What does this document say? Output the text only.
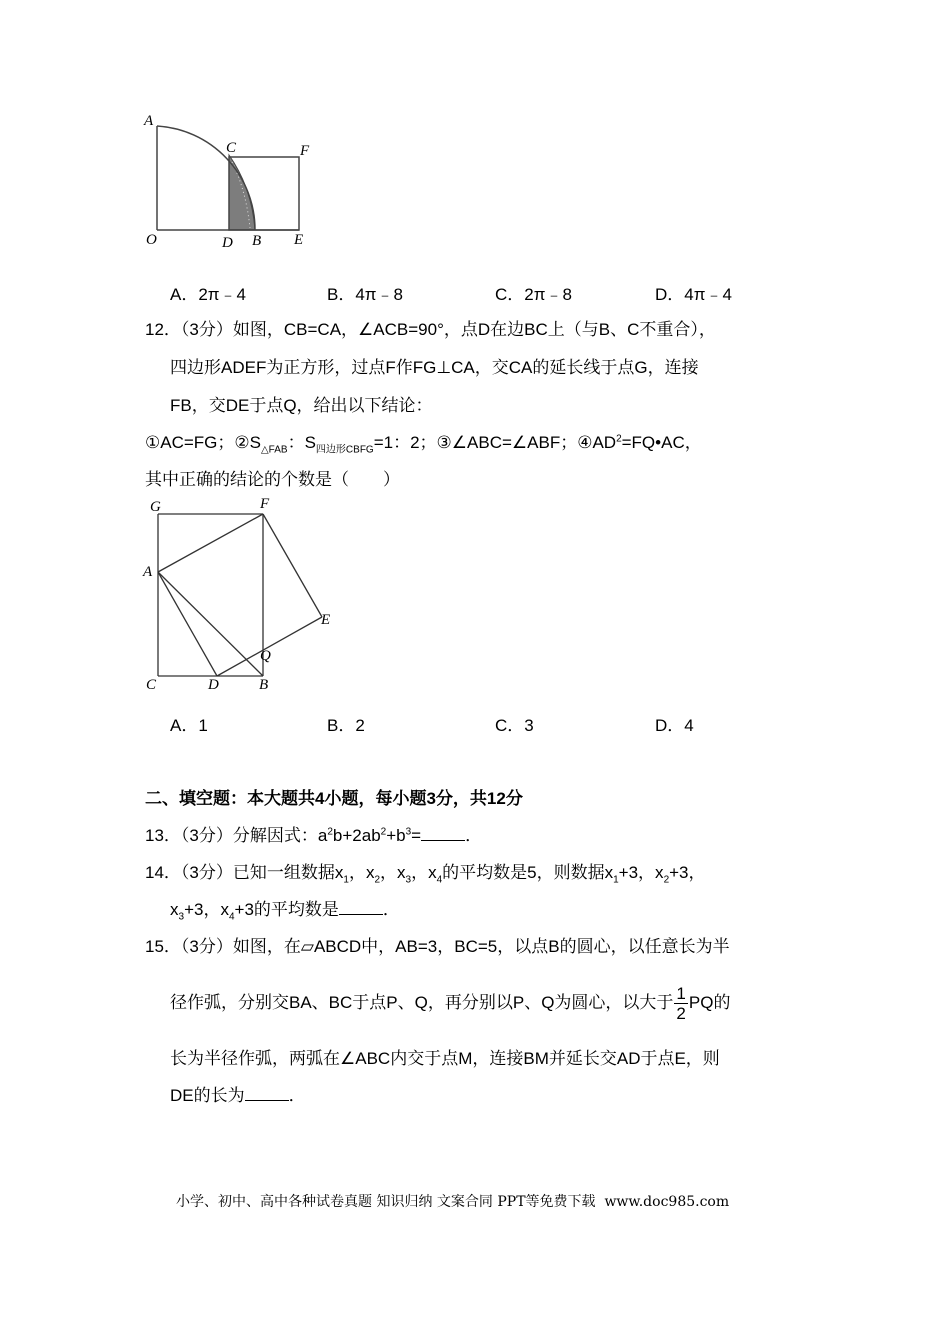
A
C	F
O	D B E
A．2π﹣4	B．4π﹣8	C．2π﹣8	D．4π﹣4
12．（3分）如图，CB=CA，∠ACB=90°，点D在边BC上（与B、C不重合），
四边形ADEF为正方形，过点F作FG⊥CA，交CA的延长线于点G，连接
FB，交DE于点Q，给出以下结论：
①AC=FG；$②S_{\triangle FAB}$：$S_{四边形CBFG}=1$：2；③∠ABC=∠ABF；$④AD^2=FQ•AC$，
其中正确的结论的个数是（　　）
G	F
A
E
Q
C	D	B
A．1	B．2	C．3	D．4
二、填空题：本大题共4小题，每小题3分，共12分
13．（3分）分解因式：$a^2b+2ab^2+b^3=$	．
14．（3分）已知一组数据$x_1$，$x_2$，$x_3$，$x_4$的平均数是5，则数据$x_1+3$，$x_2+3$，
$x_3+3$，$x_4+3$的平均数是	．
15．（3分）如图，在▱ABCD中，AB=3，BC=5，以点B的圆心，以任意长为半
径作弧，分别交BA、BC于点P、Q，再分别以P、Q为圆心，以大于 $\frac{1}{2}$ PQ的
长为半径作弧，两弧在∠ABC内交于点M，连接BM并延长交AD于点E，则
DE的长为	．
小学、初中、高中各种试卷真题 知识归纳 文案合同 PPT等免费下载 www.doc985.com
